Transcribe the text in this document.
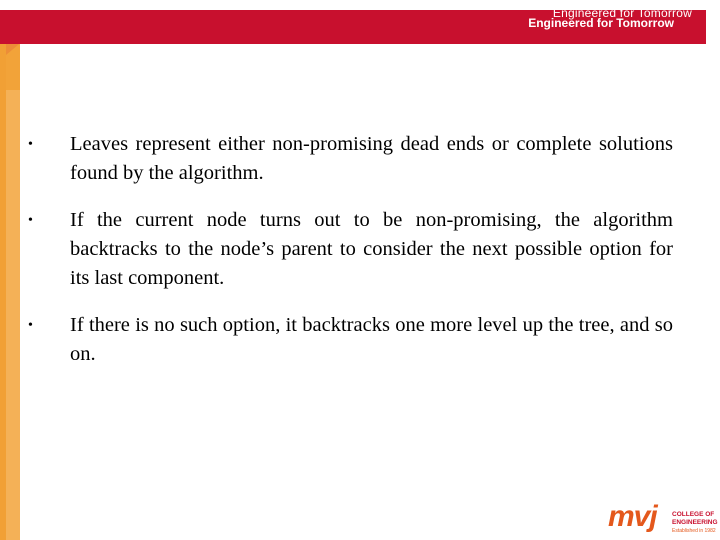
Engineered for Tomorrow
Engineered for Tomorrow
• Leaves represent either non-promising dead ends or complete solutions found by the algorithm.
• If the current node turns out to be non-promising, the algorithm backtracks to the node’s parent to consider the next possible option for its last component.
• If there is no such option, it backtracks one more level up the tree, and so on.
mvj COLLEGE OF
ENGINEERING
Established in 1982
